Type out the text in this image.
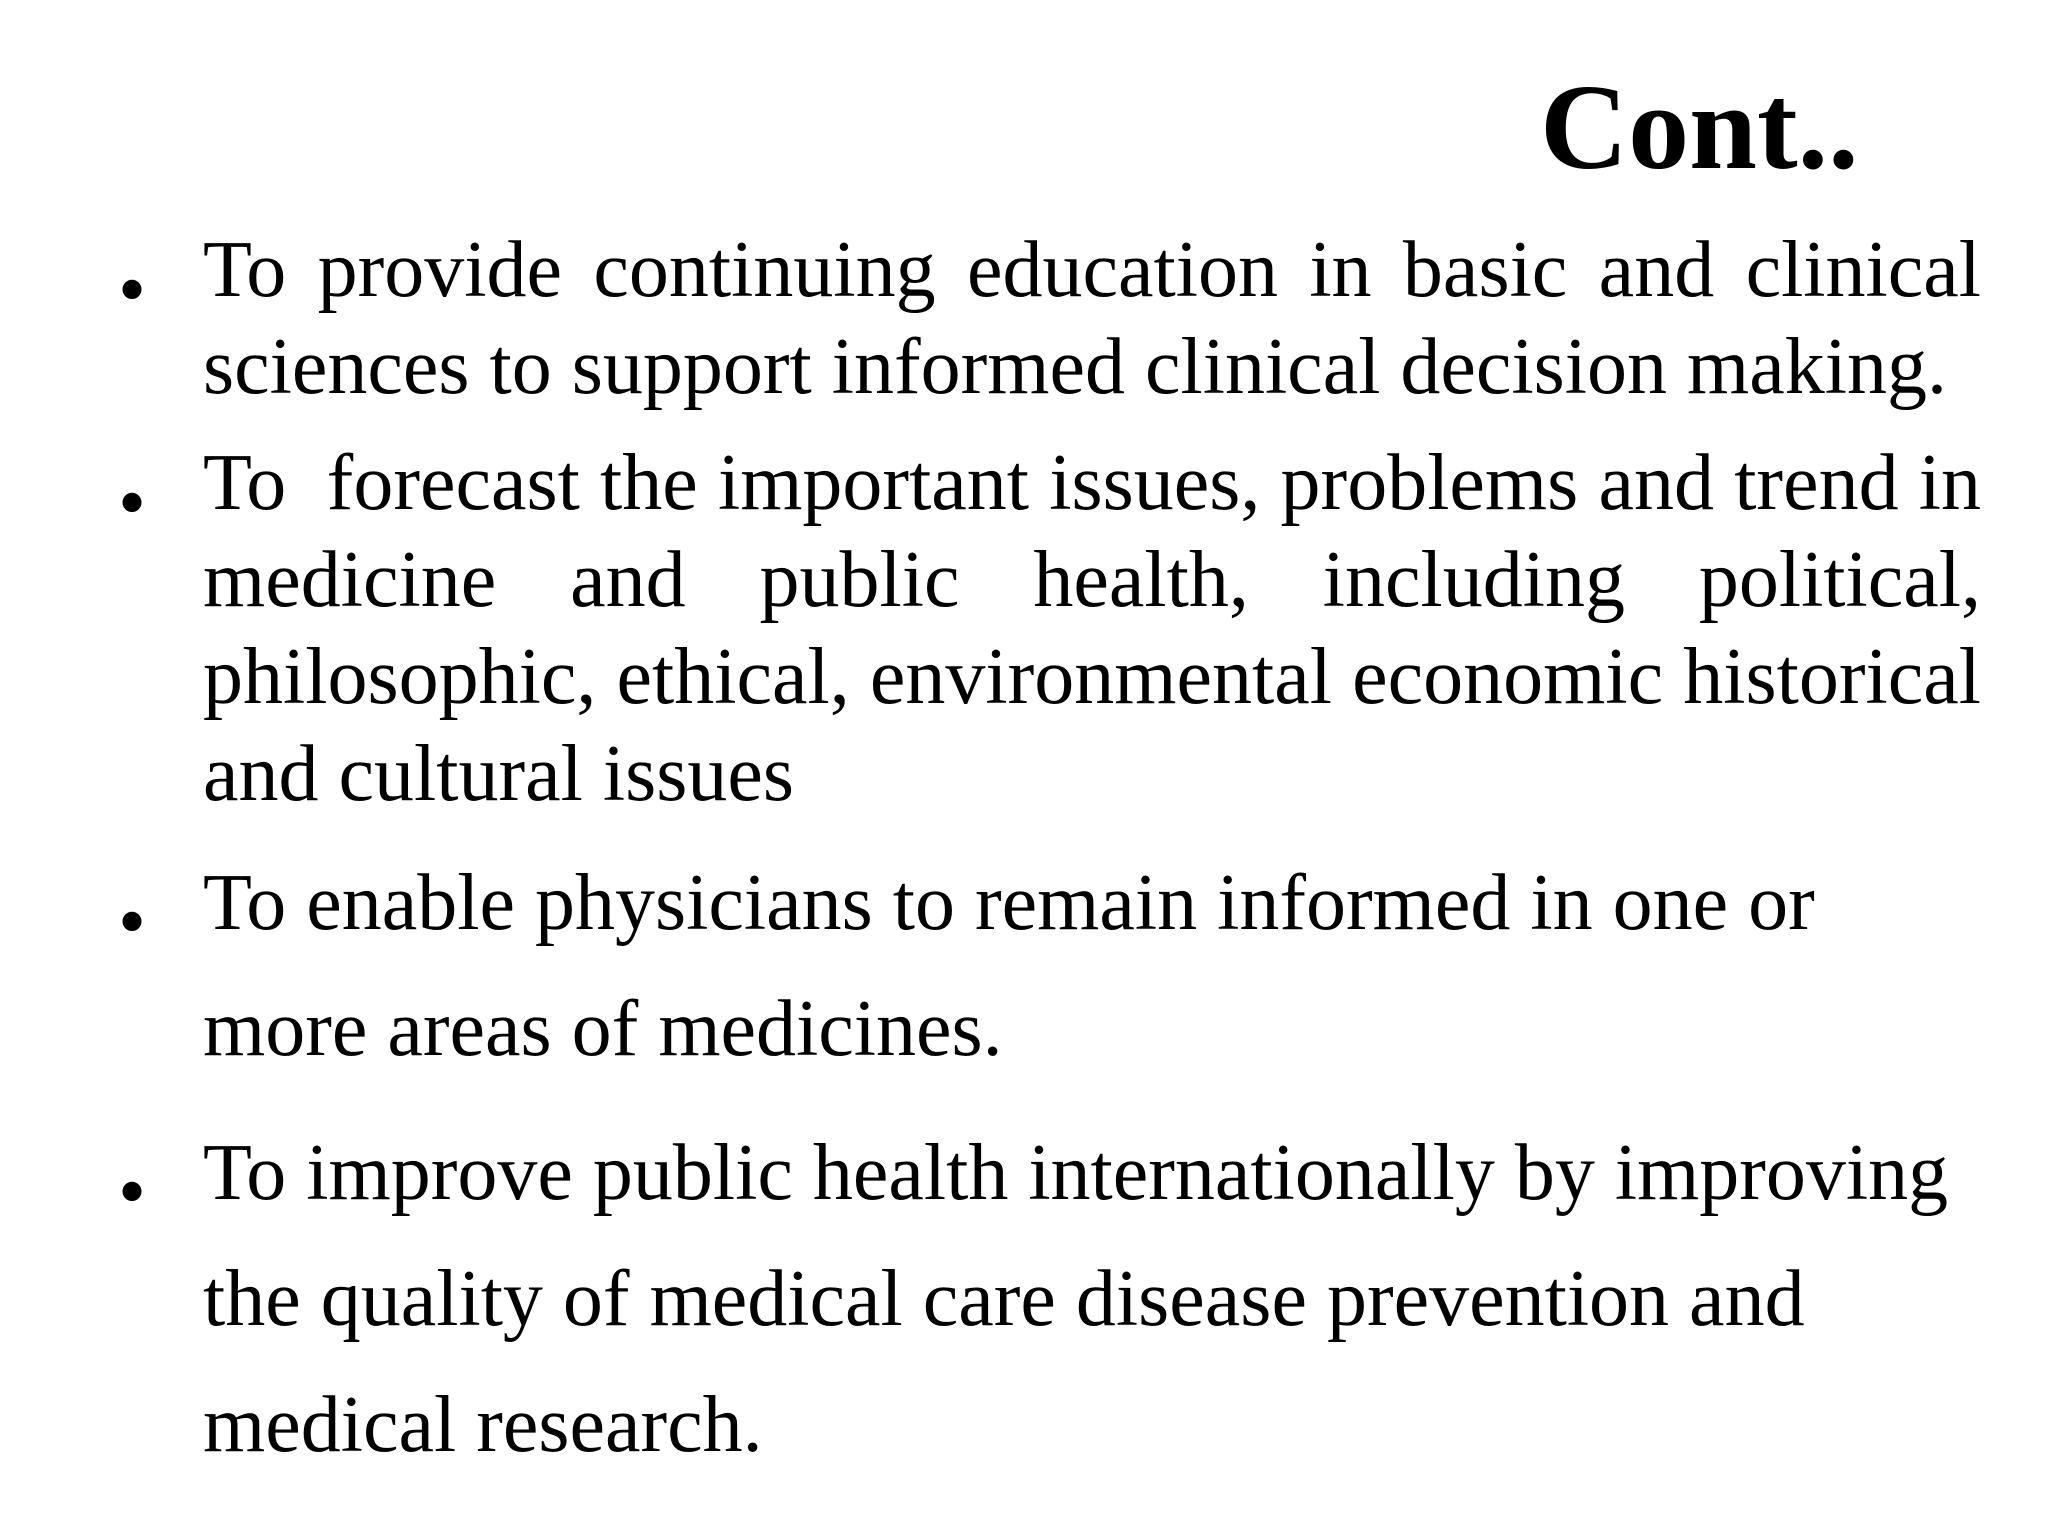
Cont..
• To provide continuing education in basic and clinical sciences to support informed clinical decision making.

• To  forecast the important issues, problems and trend in medicine and public health, including political, philosophic, ethical, environmental economic historical and cultural issues

• To enable physicians to remain informed in one or more areas of medicines.

• To improve public health internationally by improving the quality of medical care disease prevention and medical research.
